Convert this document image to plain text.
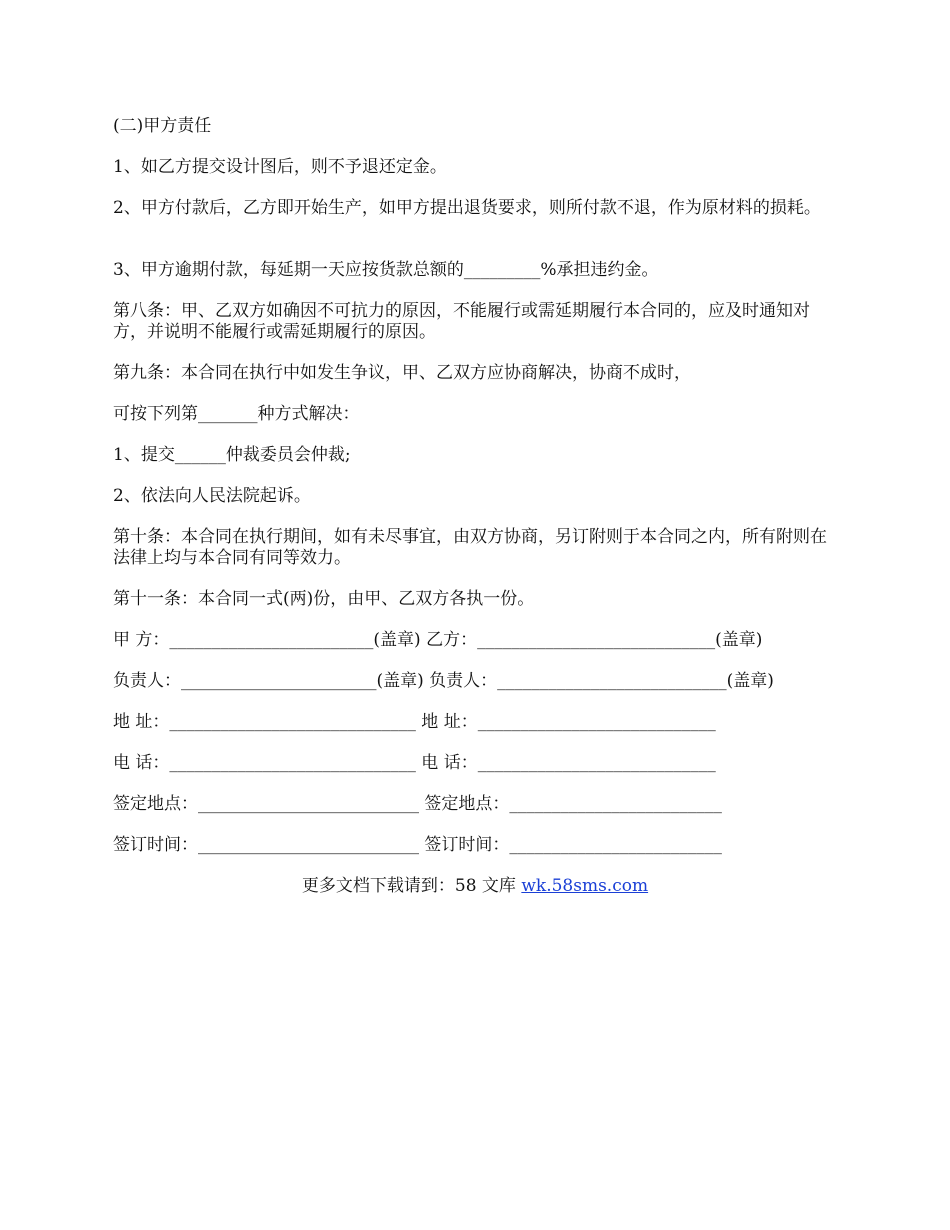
(二)甲方责任

1、如乙方提交设计图后，则不予退还定金。

2、甲方付款后，乙方即开始生产，如甲方提出退货要求，则所付款不退，作为原材料的损耗。

3、甲方逾期付款，每延期一天应按货款总额的_________%承担违约金。

第八条：甲、乙双方如确因不可抗力的原因，不能履行或需延期履行本合同的，应及时通知对方，并说明不能履行或需延期履行的原因。

第九条：本合同在执行中如发生争议，甲、乙双方应协商解决，协商不成时，

可按下列第_______种方式解决：

1、提交______仲裁委员会仲裁;

2、依法向人民法院起诉。

第十条：本合同在执行期间，如有未尽事宜，由双方协商，另订附则于本合同之内，所有附则在法律上均与本合同有同等效力。

第十一条：本合同一式(两)份，由甲、乙双方各执一份。

甲 方：________________________(盖章) 乙方：____________________________(盖章)

负责人：_______________________(盖章) 负责人：___________________________(盖章)

地 址：_____________________________ 地 址：____________________________

电 话：_____________________________ 电 话：____________________________

签定地点：__________________________ 签定地点：_________________________

签订时间：__________________________ 签订时间：_________________________

更多文档下载请到：58 文库 wk.58sms.com
